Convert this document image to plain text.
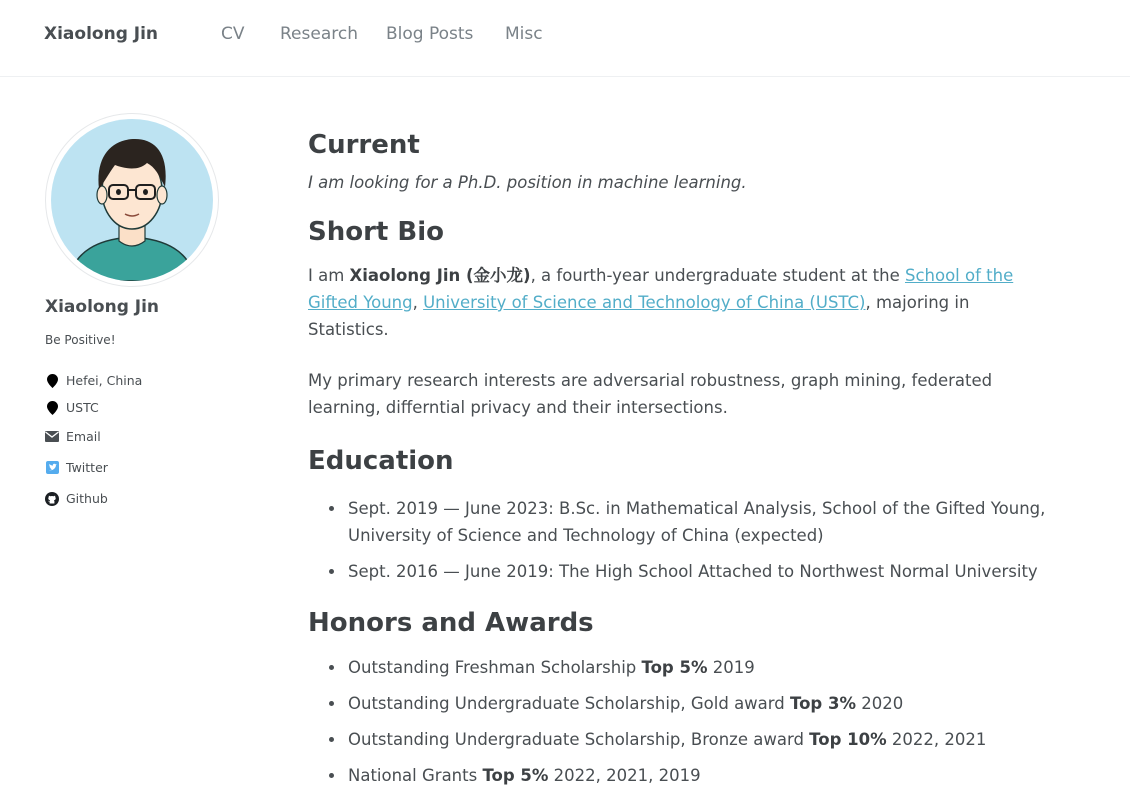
Xiaolong Jin	CV Research Blog Posts Misc
Xiaolong Jin
Be Positive!
Hefei, China
USTC
Email
Twitter
Github
Current

I am looking for a Ph.D. position in machine learning.

Short Bio

I am Xiaolong Jin (金小龙), a fourth-year undergraduate student at the School of the Gifted Young, University of Science and Technology of China (USTC), majoring in Statistics.

My primary research interests are adversarial robustness, graph mining, federated learning, differntial privacy and their intersections.

Education
Sept. 2019 — June 2023: B.Sc. in Mathematical Analysis, School of the Gifted Young, University of Science and Technology of China (expected)
Sept. 2016 — June 2019: The High School Attached to Northwest Normal University
Honors and Awards
Outstanding Freshman Scholarship Top 5% 2019
Outstanding Undergraduate Scholarship, Gold award Top 3% 2020
Outstanding Undergraduate Scholarship, Bronze award Top 10% 2022, 2021
National Grants Top 5% 2022, 2021, 2019
